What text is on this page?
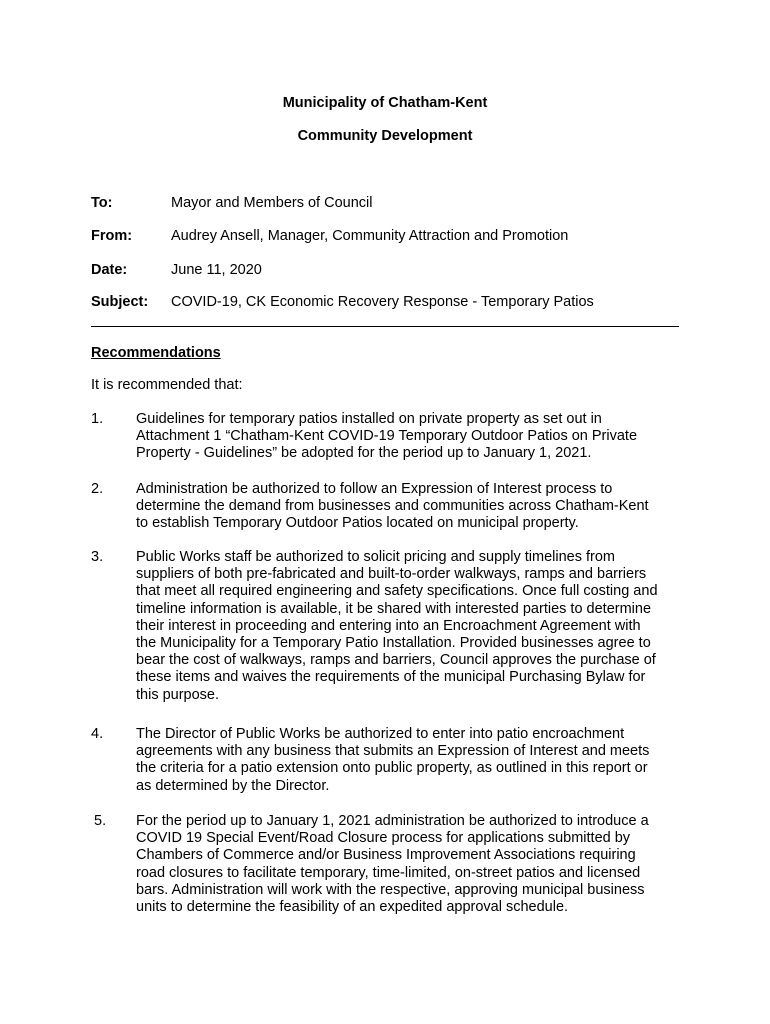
Municipality of Chatham-Kent
Community Development
To:	Mayor and Members of Council
From:	Audrey Ansell, Manager, Community Attraction and Promotion
Date:	June 11, 2020
Subject: COVID-19, CK Economic Recovery Response - Temporary Patios
Recommendations
It is recommended that:
1. Guidelines for temporary patios installed on private property as set out in
Attachment 1 “Chatham-Kent COVID-19 Temporary Outdoor Patios on Private
Property - Guidelines” be adopted for the period up to January 1, 2021.
2. Administration be authorized to follow an Expression of Interest process to
determine the demand from businesses and communities across Chatham-Kent
to establish Temporary Outdoor Patios located on municipal property.
3. Public Works staff be authorized to solicit pricing and supply timelines from
suppliers of both pre-fabricated and built-to-order walkways, ramps and barriers
that meet all required engineering and safety specifications. Once full costing and
timeline information is available, it be shared with interested parties to determine
their interest in proceeding and entering into an Encroachment Agreement with
the Municipality for a Temporary Patio Installation. Provided businesses agree to
bear the cost of walkways, ramps and barriers, Council approves the purchase of
these items and waives the requirements of the municipal Purchasing Bylaw for
this purpose.
4. The Director of Public Works be authorized to enter into patio encroachment
agreements with any business that submits an Expression of Interest and meets
the criteria for a patio extension onto public property, as outlined in this report or
as determined by the Director.
5. For the period up to January 1, 2021 administration be authorized to introduce a
COVID 19 Special Event/Road Closure process for applications submitted by
Chambers of Commerce and/or Business Improvement Associations requiring
road closures to facilitate temporary, time-limited, on-street patios and licensed
bars. Administration will work with the respective, approving municipal business
units to determine the feasibility of an expedited approval schedule.
